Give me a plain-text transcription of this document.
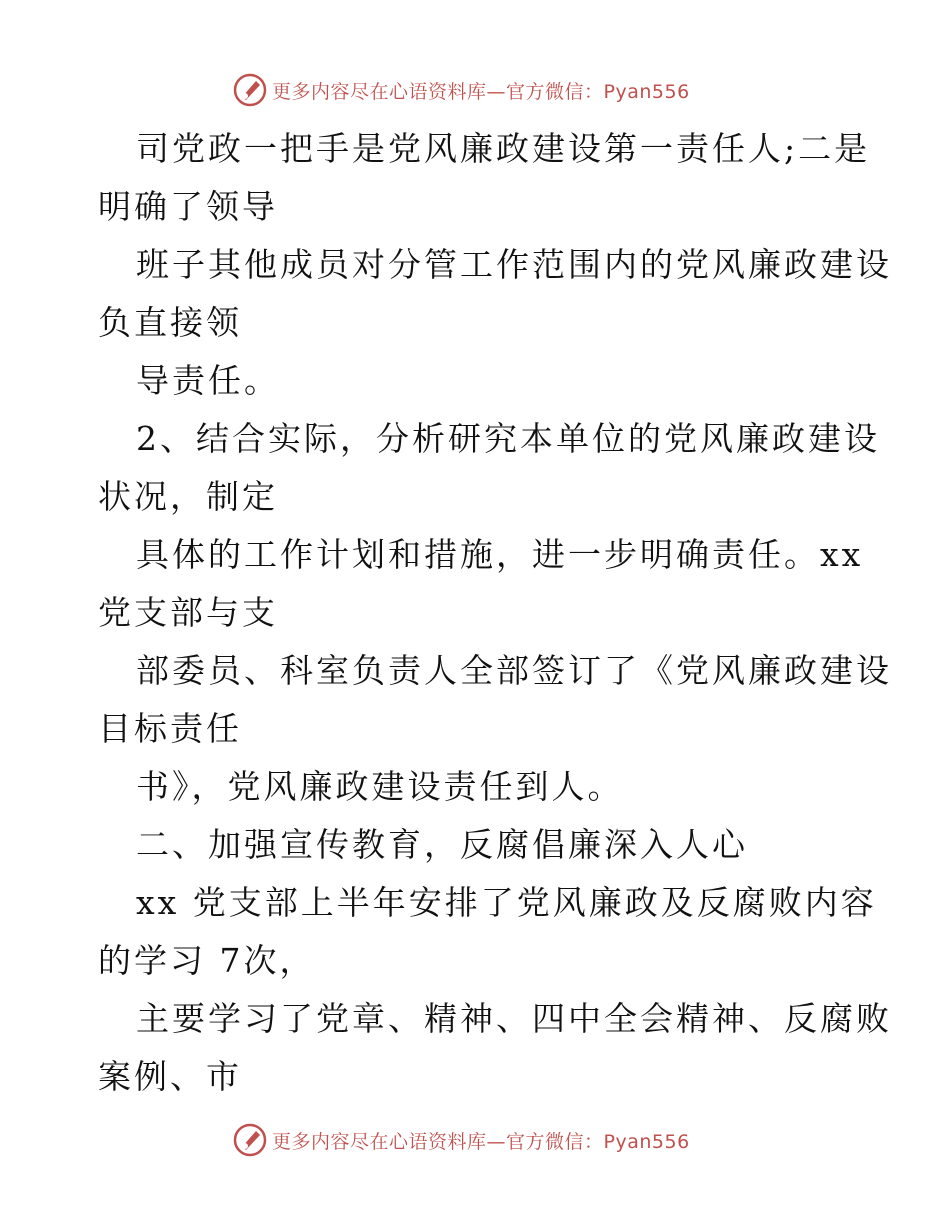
更多内容尽在心语资料库—官方微信：Pyan556
司党政一把手是党风廉政建设第一责任人;二是
明确了领导
班子其他成员对分管工作范围内的党风廉政建设
负直接领
导责任。
2、结合实际，分析研究本单位的党风廉政建设
状况，制定
具体的工作计划和措施，进一步明确责任。xx
党支部与支
部委员、科室负责人全部签订了《党风廉政建设
目标责任
书》，党风廉政建设责任到人。
二、加强宣传教育，反腐倡廉深入人心
xx 党支部上半年安排了党风廉政及反腐败内容
的学习 7次，
主要学习了党章、精神、四中全会精神、反腐败
案例、市
更多内容尽在心语资料库—官方微信：Pyan556
